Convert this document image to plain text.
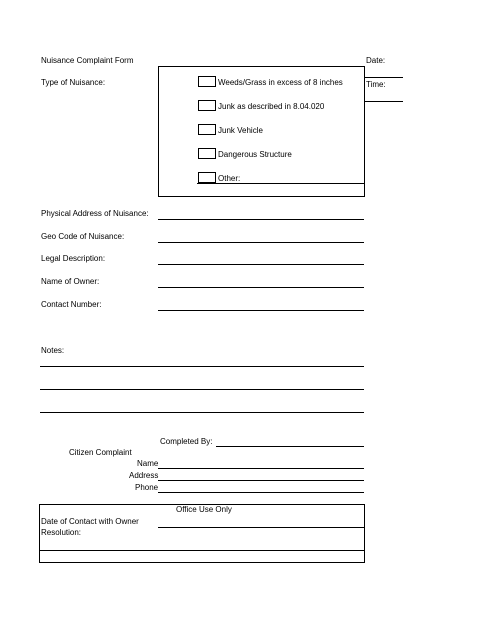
Nuisance Complaint Form	Date:
Time:
Type of Nuisance:	Weeds/Grass in excess of 8 inches
Junk as described in 8.04.020
Junk Vehicle
Dangerous Structure
Other:
Physical Address of Nuisance:
Geo Code of Nuisance:
Legal Description:
Name of Owner:
Contact Number:
Notes:
Completed By:
Citizen Complaint
Name
Address
Phone
Office Use Only
Date of Contact with Owner
Resolution:
